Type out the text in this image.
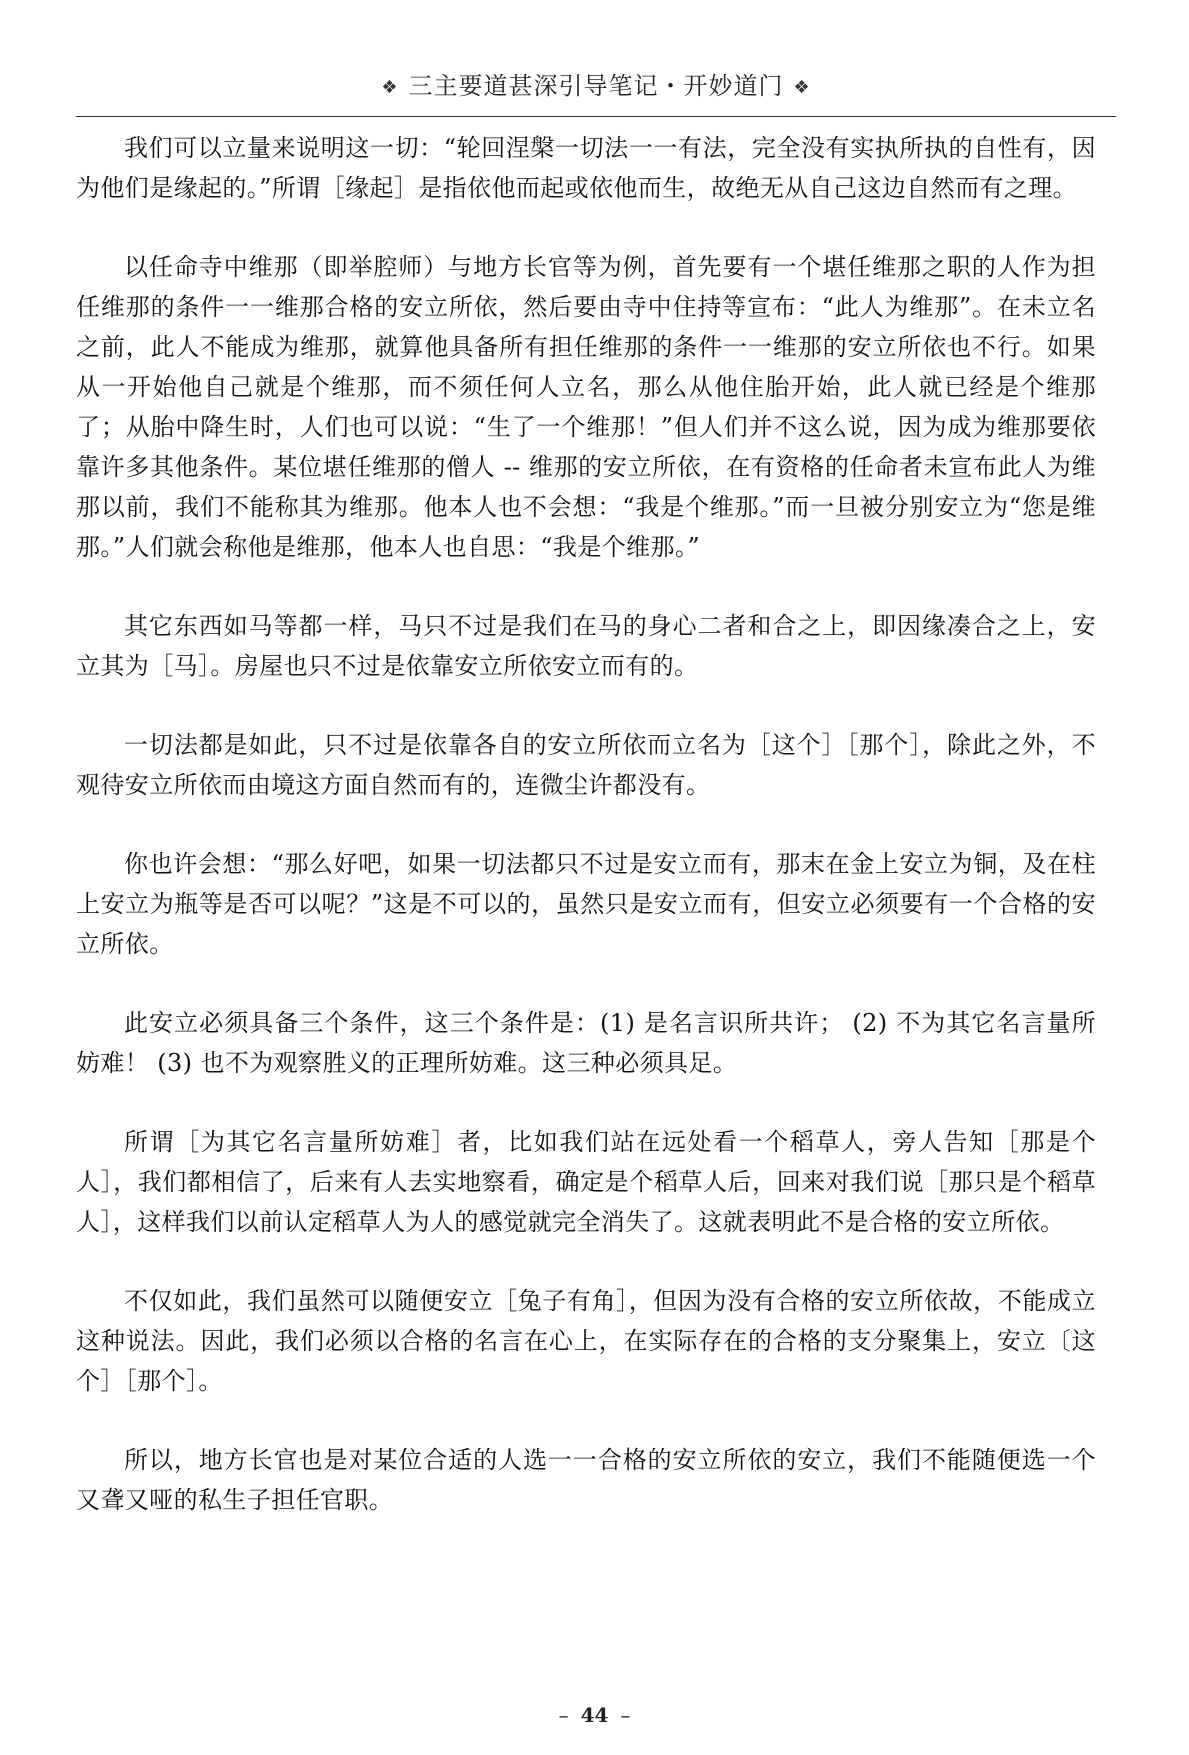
❖ 三主要道甚深引导笔记・开妙道门 ❖

我们可以立量来说明这一切：“轮回涅槃一切法一一有法，完全没有实执所执的自性有，因为他们是缘起的。”所谓［缘起］是指依他而起或依他而生，故绝无从自己这边自然而有之理。

以任命寺中维那（即举腔师）与地方长官等为例，首先要有一个堪任维那之职的人作为担任维那的条件一一维那合格的安立所依，然后要由寺中住持等宣布：“此人为维那”。在未立名之前，此人不能成为维那，就算他具备所有担任维那的条件一一维那的安立所依也不行。如果从一开始他自己就是个维那，而不须任何人立名，那么从他住胎开始，此人就已经是个维那了；从胎中降生时，人们也可以说：“生了一个维那！”但人们并不这么说，因为成为维那要依靠许多其他条件。某位堪任维那的僧人 -- 维那的安立所依，在有资格的任命者未宣布此人为维那以前，我们不能称其为维那。他本人也不会想：“我是个维那。”而一旦被分别安立为“您是维那。”人们就会称他是维那，他本人也自思：“我是个维那。”

其它东西如马等都一样，马只不过是我们在马的身心二者和合之上，即因缘凑合之上，安立其为［马］。房屋也只不过是依靠安立所依安立而有的。

一切法都是如此，只不过是依靠各自的安立所依而立名为［这个］［那个］，除此之外，不观待安立所依而由境这方面自然而有的，连微尘许都没有。

你也许会想：“那么好吧，如果一切法都只不过是安立而有，那末在金上安立为铜，及在柱上安立为瓶等是否可以呢？”这是不可以的，虽然只是安立而有，但安立必须要有一个合格的安立所依。

此安立必须具备三个条件，这三个条件是：(1) 是名言识所共许； (2) 不为其它名言量所妨难！ (3) 也不为观察胜义的正理所妨难。这三种必须具足。

所谓［为其它名言量所妨难］者，比如我们站在远处看一个稻草人，旁人告知［那是个人］，我们都相信了，后来有人去实地察看，确定是个稻草人后，回来对我们说［那只是个稻草人］，这样我们以前认定稻草人为人的感觉就完全消失了。这就表明此不是合格的安立所依。

不仅如此，我们虽然可以随便安立［兔子有角］，但因为没有合格的安立所依故，不能成立这种说法。因此，我们必须以合格的名言在心上，在实际存在的合格的支分聚集上，安立〔这个］［那个］。

所以，地方长官也是对某位合适的人选一一合格的安立所依的安立，我们不能随便选一个又聋又哑的私生子担任官职。

– 44 –
